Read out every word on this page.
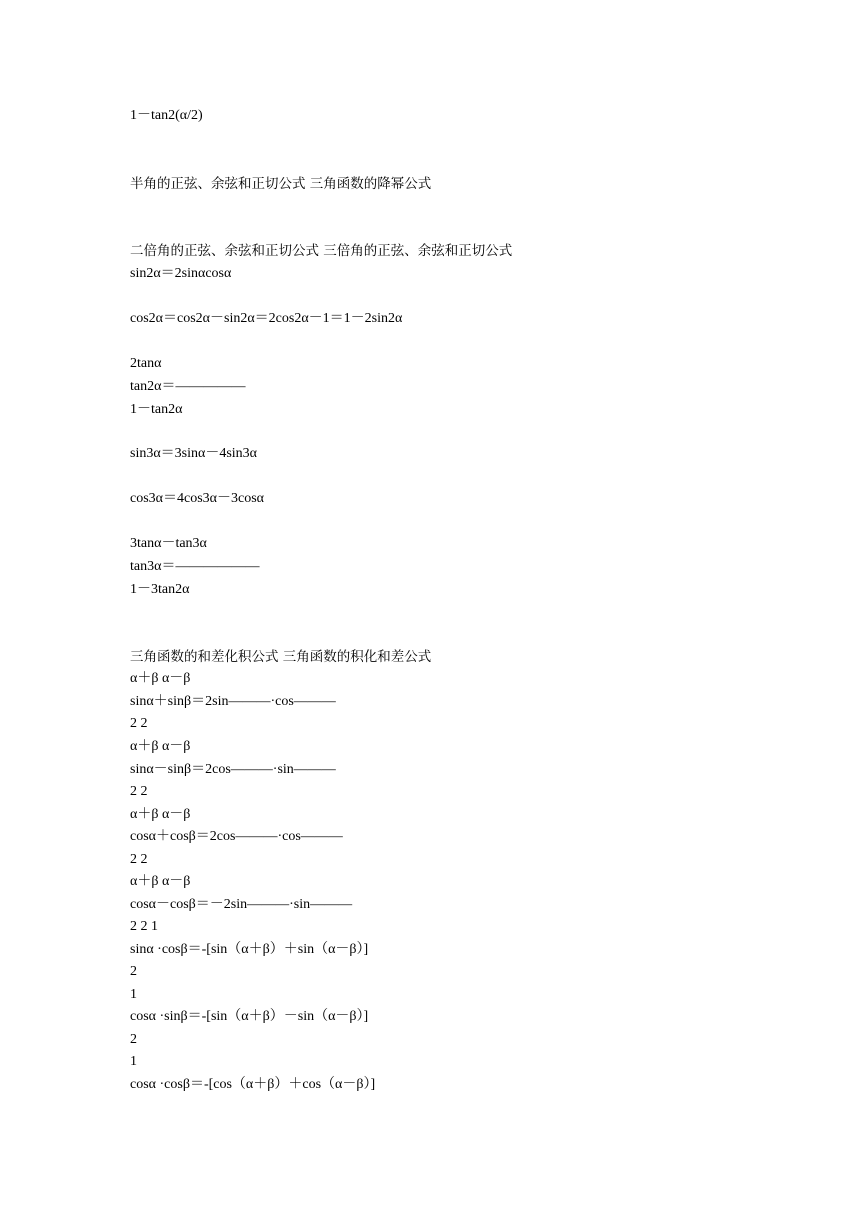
1－tan2(α/2)
半角的正弦、余弦和正切公式 三角函数的降幂公式
二倍角的正弦、余弦和正切公式 三倍角的正弦、余弦和正切公式
sin2α＝2sinαcosα
cos2α＝cos2α－sin2α＝2cos2α－1＝1－2sin2α
2tanα
tan2α＝—————
1－tan2α
sin3α＝3sinα－4sin3α
cos3α＝4cos3α－3cosα
3tanα－tan3α
tan3α＝——————
1－3tan2α
三角函数的和差化积公式 三角函数的积化和差公式
α＋β α－β
sinα＋sinβ＝2sin———·cos———
2 2
α＋β α－β
sinα－sinβ＝2cos———·sin———
2 2
α＋β α－β
cosα＋cosβ＝2cos———·cos———
2 2
α＋β α－β
cosα－cosβ＝－2sin———·sin———
2 2 1
sinα ·cosβ＝-[sin（α＋β）＋sin（α－β）]
2
1
cosα ·sinβ＝-[sin（α＋β）－sin（α－β）]
2
1
cosα ·cosβ＝-[cos（α＋β）＋cos（α－β）]
